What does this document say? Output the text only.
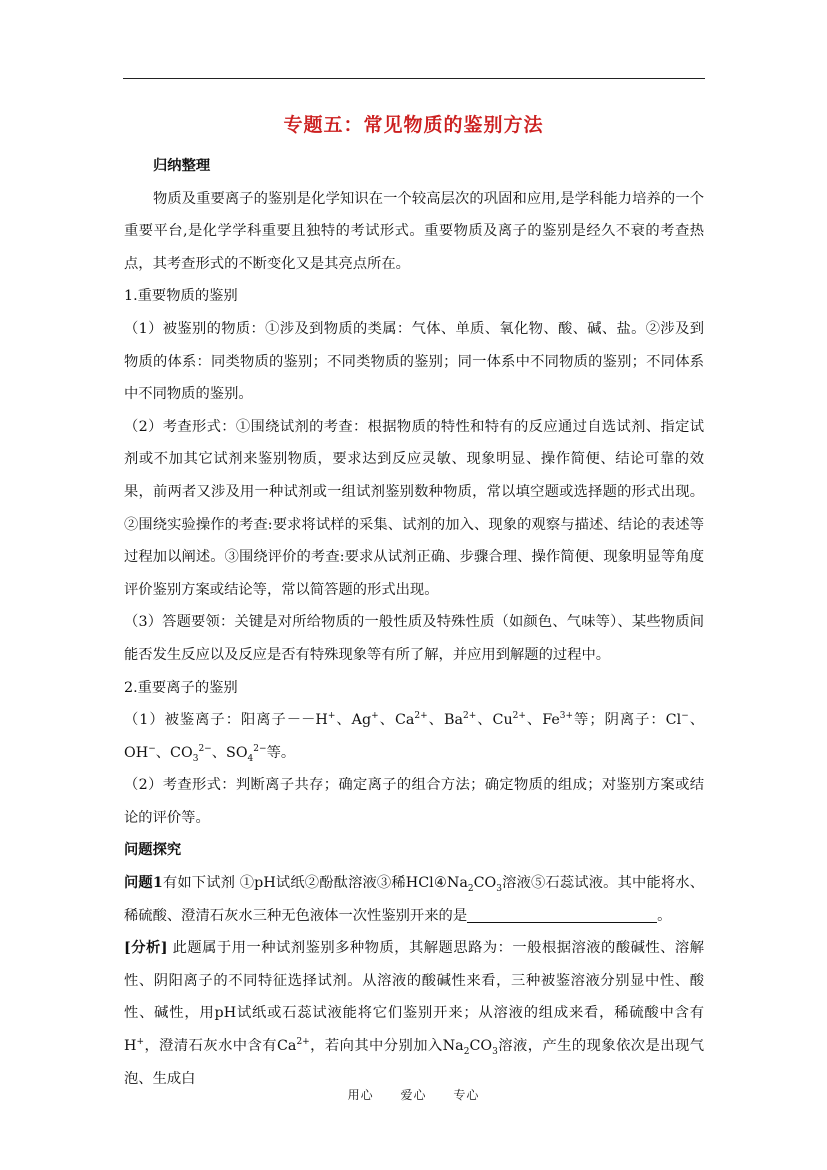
专题五：常见物质的鉴别方法

归纳整理

物质及重要离子的鉴别是化学知识在一个较高层次的巩固和应用,是学科能力培养的一个重要平台,是化学学科重要且独特的考试形式。重要物质及离子的鉴别是经久不衰的考查热点，其考查形式的不断变化又是其亮点所在。

1.重要物质的鉴别

（1）被鉴别的物质：①涉及到物质的类属：气体、单质、氧化物、酸、碱、盐。②涉及到物质的体系：同类物质的鉴别；不同类物质的鉴别；同一体系中不同物质的鉴别；不同体系中不同物质的鉴别。

（2）考查形式：①围绕试剂的考查：根据物质的特性和特有的反应通过自选试剂、指定试剂或不加其它试剂来鉴别物质，要求达到反应灵敏、现象明显、操作简便、结论可靠的效果，前两者又涉及用一种试剂或一组试剂鉴别数种物质，常以填空题或选择题的形式出现。 ②围绕实验操作的考查:要求将试样的采集、试剂的加入、现象的观察与描述、结论的表述等过程加以阐述。③围绕评价的考查:要求从试剂正确、步骤合理、操作简便、现象明显等角度评价鉴别方案或结论等，常以简答题的形式出现。

（3）答题要领：关键是对所给物质的一般性质及特殊性质（如颜色、气味等）、某些物质间能否发生反应以及反应是否有特殊现象等有所了解，并应用到解题的过程中。

2.重要离子的鉴别

（1）被鉴离子：阳离子－－H+、Ag+、$Ca^{2+}$、$Ba^{2+}$、$Cu^{2+}$、$Fe^{3+}$等；阴离子：Cl−、OH−、$CO_3^{2-}$、$SO_4^{2-}$等。

（2）考查形式：判断离子共存；确定离子的组合方法；确定物质的组成；对鉴别方案或结论的评价等。

问题探究

问题1有如下试剂 ①pH试纸②酚酞溶液③稀$HCl④Na_2CO_3$溶液⑤石蕊试液。其中能将水、稀硫酸、澄清石灰水三种无色液体一次性鉴别开来的是	。

[分析] 此题属于用一种试剂鉴别多种物质，其解题思路为：一般根据溶液的酸碱性、溶解性、阴阳离子的不同特征选择试剂。从溶液的酸碱性来看，三种被鉴溶液分别显中性、酸性、碱性，用pH试纸或石蕊试液能将它们鉴别开来；从溶液的组成来看，稀硫酸中含有H+，澄清石灰水中含有$Ca^{2+}$，若向其中分别加入$Na_2CO_3$溶液，产生的现象依次是出现气泡、生成白

用心 爱心 专心
